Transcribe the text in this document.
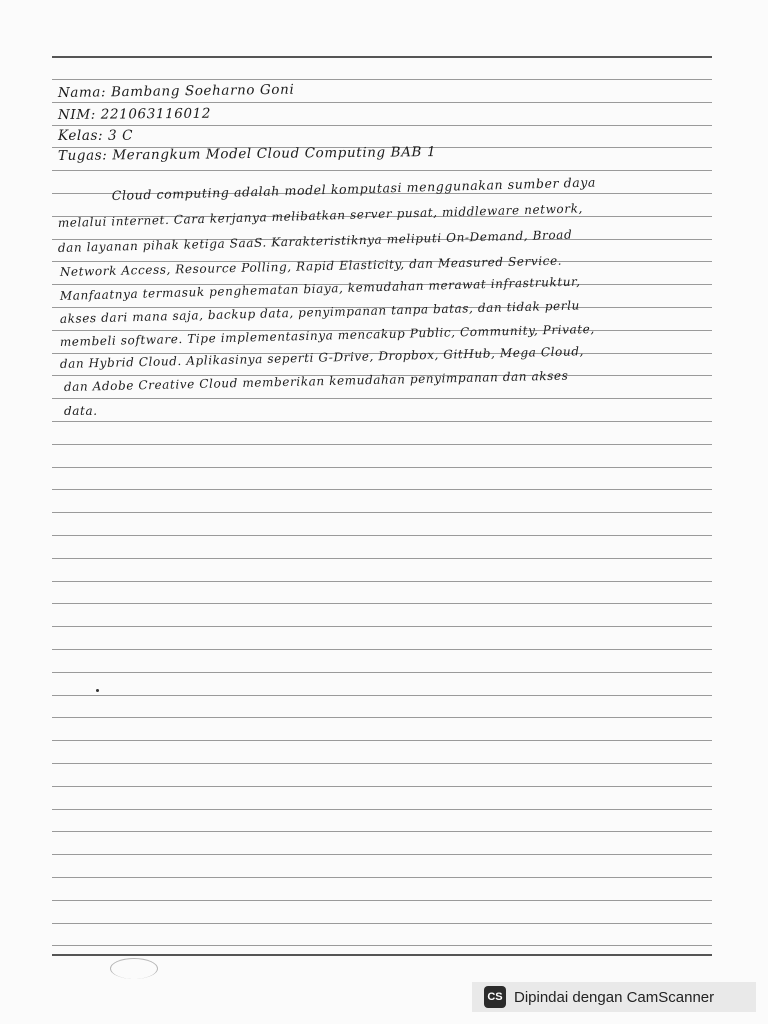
Nama: Bambang Soeharno Goni
NIM: 221063116012
Kelas: 3 C
Tugas: Merangkum Model Cloud Computing BAB 1
Cloud computing adalah model komputasi menggunakan sumber daya
melalui internet. Cara kerjanya melibatkan server pusat, middleware network,
dan layanan pihak ketiga SaaS. Karakteristiknya meliputi On-Demand, Broad
Network Access, Resource Polling, Rapid Elasticity, dan Measured Service.
Manfaatnya termasuk penghematan biaya, kemudahan merawat infrastruktur,
akses dari mana saja, backup data, penyimpanan tanpa batas, dan tidak perlu
membeli software. Tipe implementasinya mencakup Public, Community, Private,
dan Hybrid Cloud. Aplikasinya seperti G-Drive, Dropbox, GitHub, Mega Cloud,
dan Adobe Creative Cloud memberikan kemudahan penyimpanan dan akses
data.
CS Dipindai dengan CamScanner
